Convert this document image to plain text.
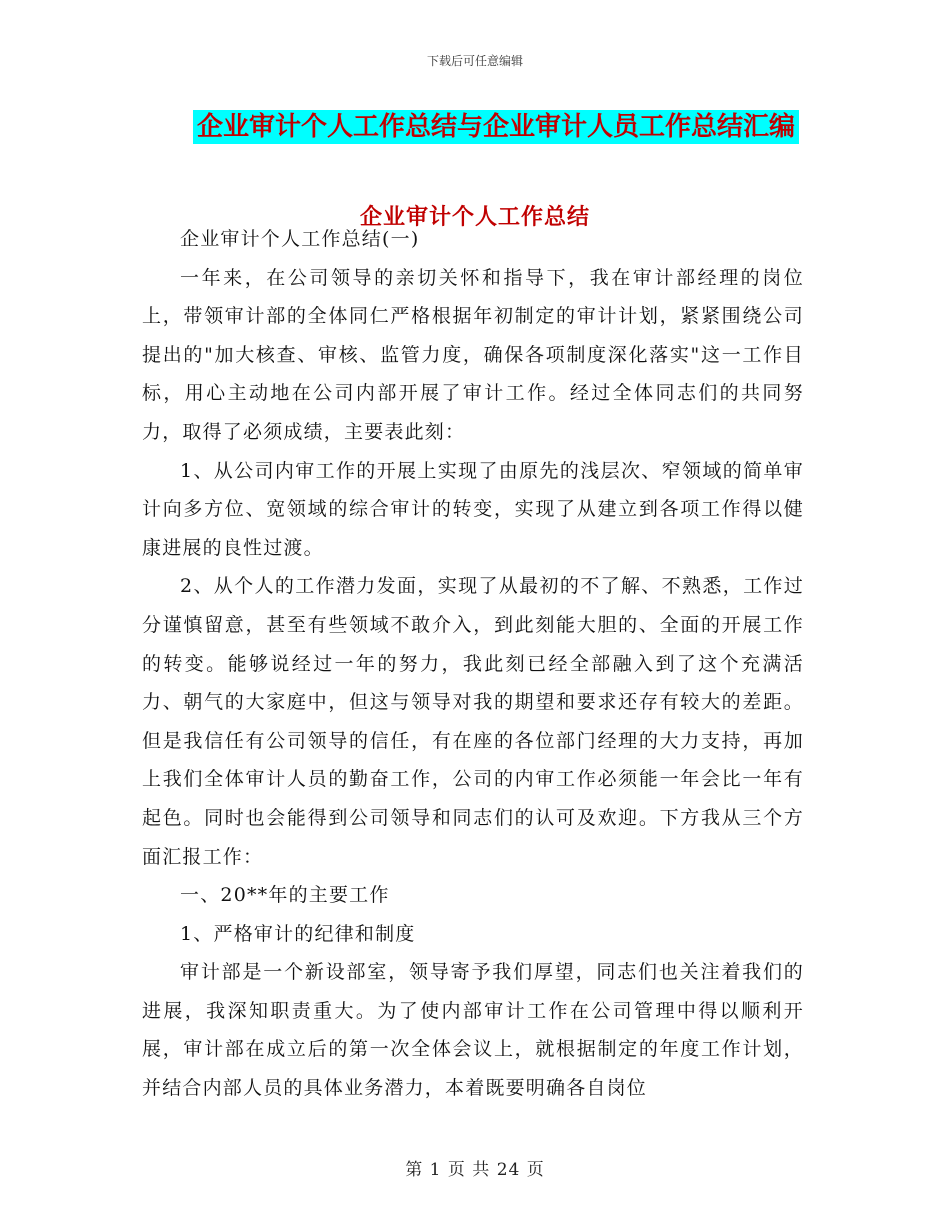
下载后可任意编辑
企业审计个人工作总结与企业审计人员工作总结汇编
企业审计个人工作总结

企业审计个人工作总结(一)

一年来，在公司领导的亲切关怀和指导下，我在审计部经理的岗位上，带领审计部的全体同仁严格根据年初制定的审计计划，紧紧围绕公司提出的"加大核查、审核、监管力度，确保各项制度深化落实"这一工作目标，用心主动地在公司内部开展了审计工作。经过全体同志们的共同努力，取得了必须成绩，主要表此刻：

1、从公司内审工作的开展上实现了由原先的浅层次、窄领域的简单审计向多方位、宽领域的综合审计的转变，实现了从建立到各项工作得以健康进展的良性过渡。

2、从个人的工作潜力发面，实现了从最初的不了解、不熟悉，工作过分谨慎留意，甚至有些领域不敢介入，到此刻能大胆的、全面的开展工作的转变。能够说经过一年的努力，我此刻已经全部融入到了这个充满活力、朝气的大家庭中，但这与领导对我的期望和要求还存有较大的差距。但是我信任有公司领导的信任，有在座的各位部门经理的大力支持，再加上我们全体审计人员的勤奋工作，公司的内审工作必须能一年会比一年有起色。同时也会能得到公司领导和同志们的认可及欢迎。下方我从三个方面汇报工作：

一、20**年的主要工作

1、严格审计的纪律和制度

审计部是一个新设部室，领导寄予我们厚望，同志们也关注着我们的进展，我深知职责重大。为了使内部审计工作在公司管理中得以顺利开展，审计部在成立后的第一次全体会议上，就根据制定的年度工作计划，并结合内部人员的具体业务潜力，本着既要明确各自岗位

第 1 页 共 24 页
